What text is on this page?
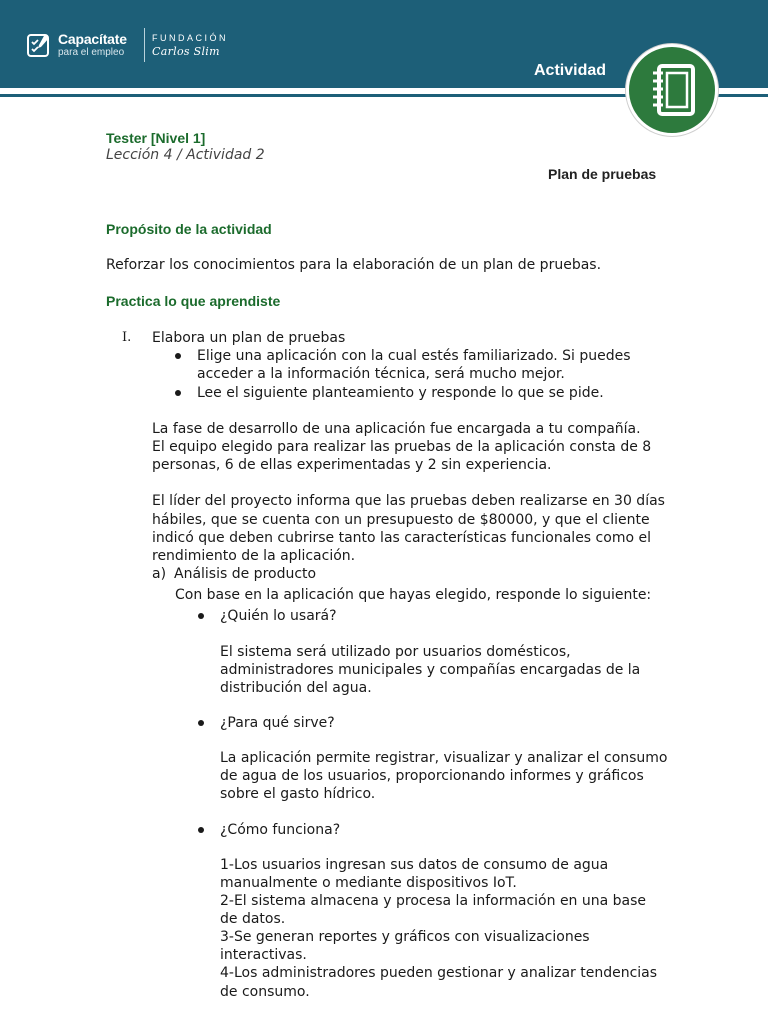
Capacítate
para el empleo
FUNDACIÓN
Carlos Slim
Actividad
Tester [Nivel 1]
Lección 4 / Actividad 2
Plan de pruebas
Propósito de la actividad
Reforzar los conocimientos para la elaboración de un plan de pruebas.
Practica lo que aprendiste
I. Elabora un plan de pruebas
Elige una aplicación con la cual estés familiarizado. Si puedes
acceder a la información técnica, será mucho mejor.
Lee el siguiente planteamiento y responde lo que se pide.
La fase de desarrollo de una aplicación fue encargada a tu compañía.
El equipo elegido para realizar las pruebas de la aplicación consta de 8
personas, 6 de ellas experimentadas y 2 sin experiencia.
El líder del proyecto informa que las pruebas deben realizarse en 30 días
hábiles, que se cuenta con un presupuesto de $80000, y que el cliente
indicó que deben cubrirse tanto las características funcionales como el
rendimiento de la aplicación.
a) Análisis de producto
Con base en la aplicación que hayas elegido, responde lo siguiente:
¿Quién lo usará?
El sistema será utilizado por usuarios domésticos,
administradores municipales y compañías encargadas de la
distribución del agua.
¿Para qué sirve?
La aplicación permite registrar, visualizar y analizar el consumo
de agua de los usuarios, proporcionando informes y gráficos
sobre el gasto hídrico.
¿Cómo funciona?
1-Los usuarios ingresan sus datos de consumo de agua
manualmente o mediante dispositivos IoT.
2-El sistema almacena y procesa la información en una base
de datos.
3-Se generan reportes y gráficos con visualizaciones
interactivas.
4-Los administradores pueden gestionar y analizar tendencias
de consumo.
